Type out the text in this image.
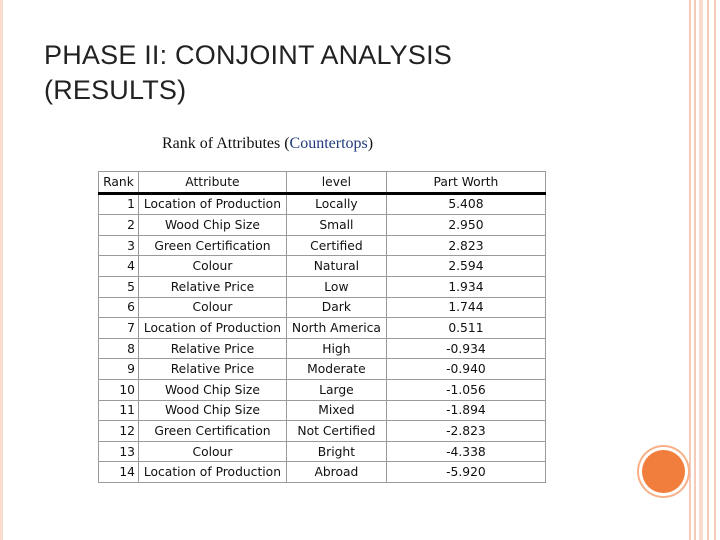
PHASE II: CONJOINT ANALYSIS
(RESULTS)
Rank of Attributes (Countertops)
Rank	Attribute	level	Part Worth
1	Location of Production	Locally	5.408
2	Wood Chip Size	Small	2.950
3	Green Certification	Certified	2.823
4	Colour	Natural	2.594
5	Relative Price	Low	1.934
6	Colour	Dark	1.744
7	Location of Production	North America	0.511
8	Relative Price	High	-0.934
9	Relative Price	Moderate	-0.940
10	Wood Chip Size	Large	-1.056
11	Wood Chip Size	Mixed	-1.894
12	Green Certification	Not Certified	-2.823
13	Colour	Bright	-4.338
14	Location of Production	Abroad	-5.920
